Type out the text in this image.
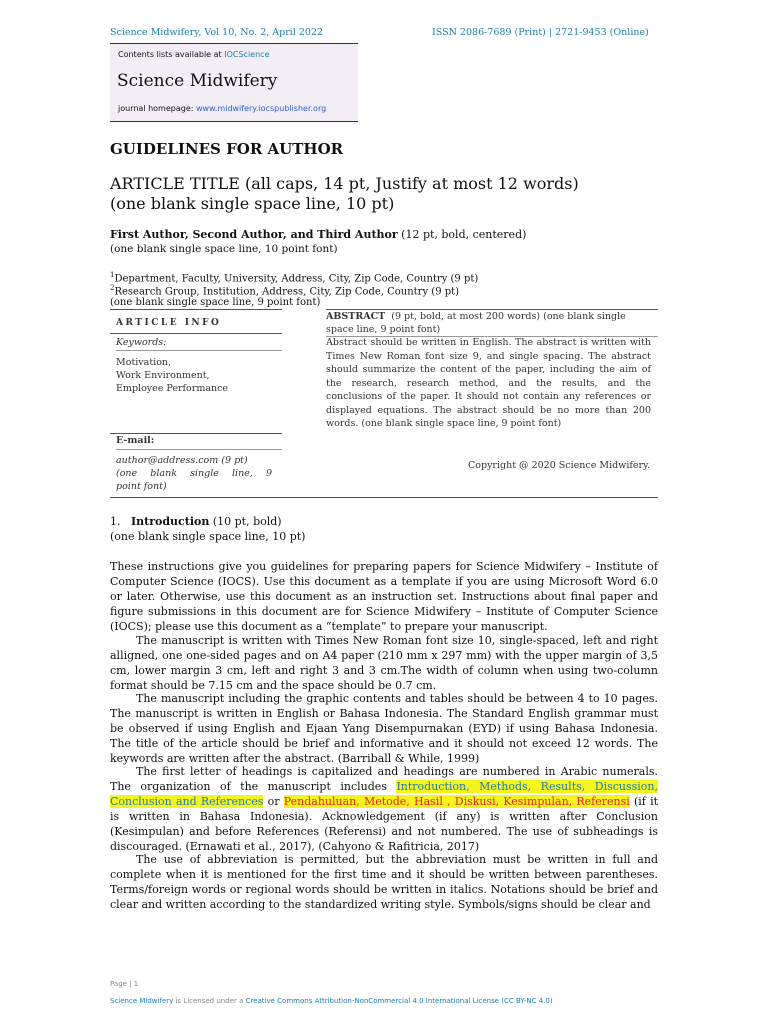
Science Midwifery, Vol 10, No. 2, April 2022	ISSN 2086-7689 (Print) | 2721-9453 (Online)
Contents lists available at IOCScience
Science Midwifery
journal homepage: www.midwifery.iocspublisher.org
GUIDELINES FOR AUTHOR
ARTICLE TITLE (all caps, 14 pt, Justify at most 12 words)
(one blank single space line, 10 pt)
First Author, Second Author, and Third Author (12 pt, bold, centered)
(one blank single space line, 10 point font)
$^1$Department, Faculty, University, Address, City, Zip Code, Country (9 pt)
$^2$Research Group, Institution, Address, City, Zip Code, Country (9 pt)
(one blank single space line, 9 point font)
ARTICLE INFO
ABSTRACT (9 pt, bold, at most 200 words) (one blank single
space line, 9 point font)
Keywords:
Motivation,
Work Environment,
Employee Performance
Abstract should be written in English. The abstract is written with Times New Roman font size 9, and single spacing. The abstract should summarize the content of the paper, including the aim of the research, research method, and the results, and the conclusions of the paper. It should not contain any references or displayed equations. The abstract should be no more than 200 words. (one blank single space line, 9 point font)
E-mail:
author@address.com (9 pt)
(one blank single line, 9
point font)
Copyright @ 2020 Science Midwifery.
1. Introduction (10 pt, bold)
(one blank single space line, 10 pt)
These instructions give you guidelines for preparing papers for Science Midwifery – Institute of Computer Science (IOCS). Use this document as a template if you are using Microsoft Word 6.0 or later. Otherwise, use this document as an instruction set. Instructions about final paper and figure submissions in this document are for Science Midwifery – Institute of Computer Science (IOCS); please use this document as a “template” to prepare your manuscript.
The manuscript is written with Times New Roman font size 10, single-spaced, left and right alligned, one one-sided pages and on A4 paper (210 mm x 297 mm) with the upper margin of 3,5 cm, lower margin 3 cm, left and right 3 and 3 cm.The width of column when using two-column format should be 7.15 cm and the space should be 0.7 cm.
The manuscript including the graphic contents and tables should be between 4 to 10 pages. The manuscript is written in English or Bahasa Indonesia. The Standard English grammar must be observed if using English and Ejaan Yang Disempurnakan (EYD) if using Bahasa Indonesia. The title of the article should be brief and informative and it should not exceed 12 words. The keywords are written after the abstract. (Barriball & While, 1999)
The first letter of headings is capitalized and headings are numbered in Arabic numerals. The organization of the manuscript includes Introduction, Methods, Results, Discussion, Conclusion and References or Pendahuluan, Metode, Hasil , Diskusi, Kesimpulan, Referensi (if it is written in Bahasa Indonesia). Acknowledgement (if any) is written after Conclusion (Kesimpulan) and before References (Referensi) and not numbered. The use of subheadings is discouraged. (Ernawati et al., 2017), (Cahyono & Rafitricia, 2017)
The use of abbreviation is permitted, but the abbreviation must be written in full and complete when it is mentioned for the first time and it should be written between parentheses. Terms/foreign words or regional words should be written in italics. Notations should be brief and clear and written according to the standardized writing style. Symbols/signs should be clear and
Page | 1
Science Midwifery is Licensed under a Creative Commons Attribution-NonCommercial 4.0 International License (CC BY-NC 4.0)
